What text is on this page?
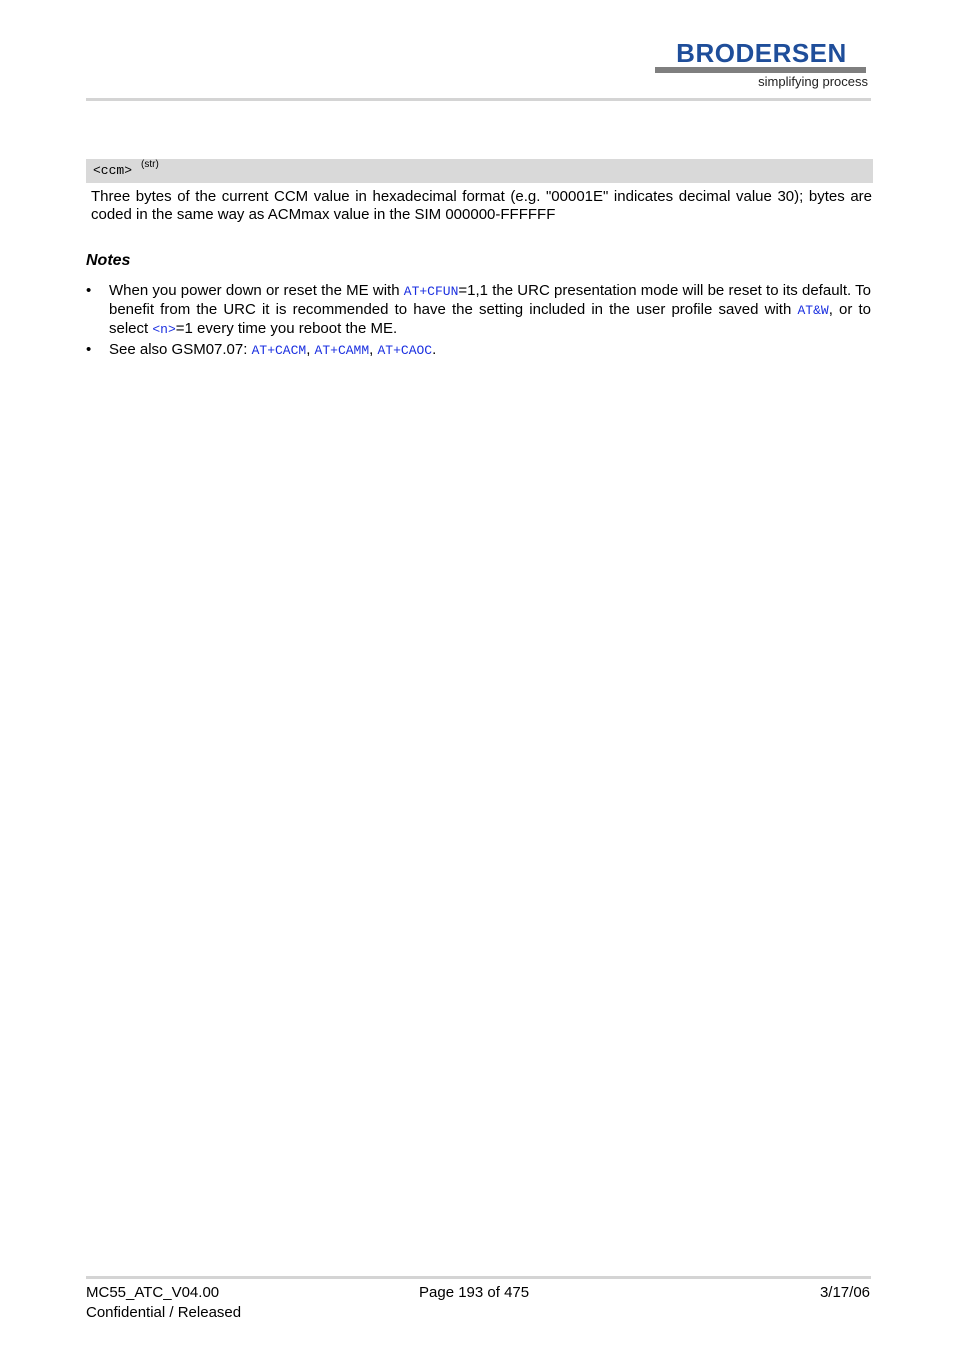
BRODERSEN
simplifying process
<ccm> (str)
Three bytes of the current CCM value in hexadecimal format (e.g. "00001E" indicates decimal value 30); bytes are coded in the same way as ACMmax value in the SIM 000000-FFFFFF
Notes
• When you power down or reset the ME with AT+CFUN=1,1 the URC presentation mode will be reset to its default. To benefit from the URC it is recommended to have the setting included in the user profile saved with AT&W, or to select <n>=1 every time you reboot the ME.
• See also GSM07.07: AT+CACM, AT+CAMM, AT+CAOC.
MC55_ATC_V04.00
Confidential / Released
Page 193 of 475	3/17/06
